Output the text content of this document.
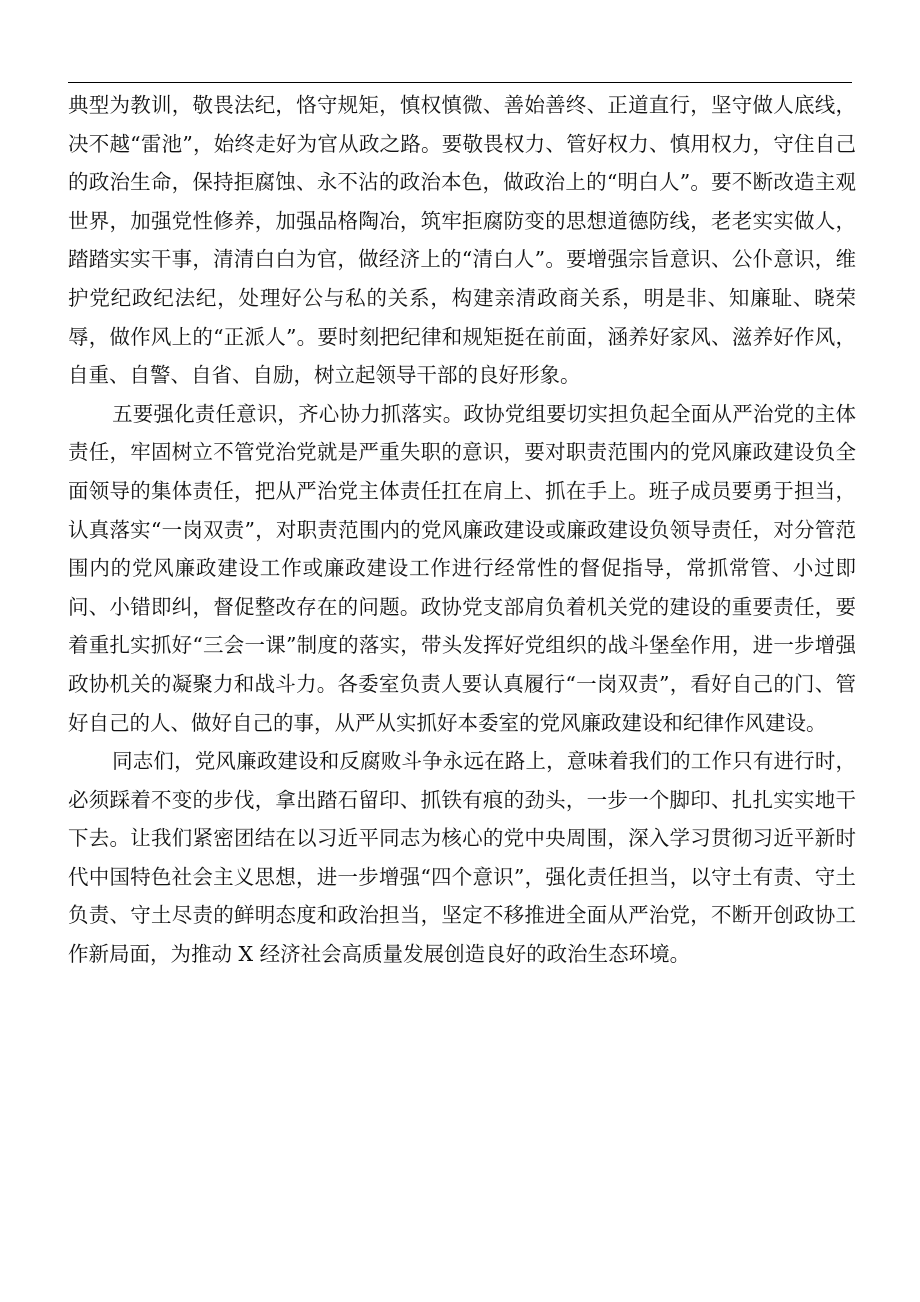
典型为教训，敬畏法纪，恪守规矩，慎权慎微、善始善终、正道直行，坚守做人底线，决不越“雷池”，始终走好为官从政之路。要敬畏权力、管好权力、慎用权力，守住自己的政治生命，保持拒腐蚀、永不沾的政治本色，做政治上的“明白人”。要不断改造主观世界，加强党性修养，加强品格陶冶，筑牢拒腐防变的思想道德防线，老老实实做人，踏踏实实干事，清清白白为官，做经济上的“清白人”。要增强宗旨意识、公仆意识，维护党纪政纪法纪，处理好公与私的关系，构建亲清政商关系，明是非、知廉耻、晓荣辱，做作风上的“正派人”。要时刻把纪律和规矩挺在前面，涵养好家风、滋养好作风，自重、自警、自省、自励，树立起领导干部的良好形象。

五要强化责任意识，齐心协力抓落实。政协党组要切实担负起全面从严治党的主体责任，牢固树立不管党治党就是严重失职的意识，要对职责范围内的党风廉政建设负全面领导的集体责任，把从严治党主体责任扛在肩上、抓在手上。班子成员要勇于担当，认真落实“一岗双责”，对职责范围内的党风廉政建设或廉政建设负领导责任，对分管范围内的党风廉政建设工作或廉政建设工作进行经常性的督促指导，常抓常管、小过即问、小错即纠，督促整改存在的问题。政协党支部肩负着机关党的建设的重要责任，要着重扎实抓好“三会一课”制度的落实，带头发挥好党组织的战斗堡垒作用，进一步增强政协机关的凝聚力和战斗力。各委室负责人要认真履行“一岗双责”，看好自己的门、管好自己的人、做好自己的事，从严从实抓好本委室的党风廉政建设和纪律作风建设。

同志们，党风廉政建设和反腐败斗争永远在路上，意味着我们的工作只有进行时，必须踩着不变的步伐，拿出踏石留印、抓铁有痕的劲头，一步一个脚印、扎扎实实地干下去。让我们紧密团结在以习近平同志为核心的党中央周围，深入学习贯彻习近平新时代中国特色社会主义思想，进一步增强“四个意识”，强化责任担当，以守土有责、守土负责、守土尽责的鲜明态度和政治担当，坚定不移推进全面从严治党，不断开创政协工作新局面，为推动 X 经济社会高质量发展创造良好的政治生态环境。
